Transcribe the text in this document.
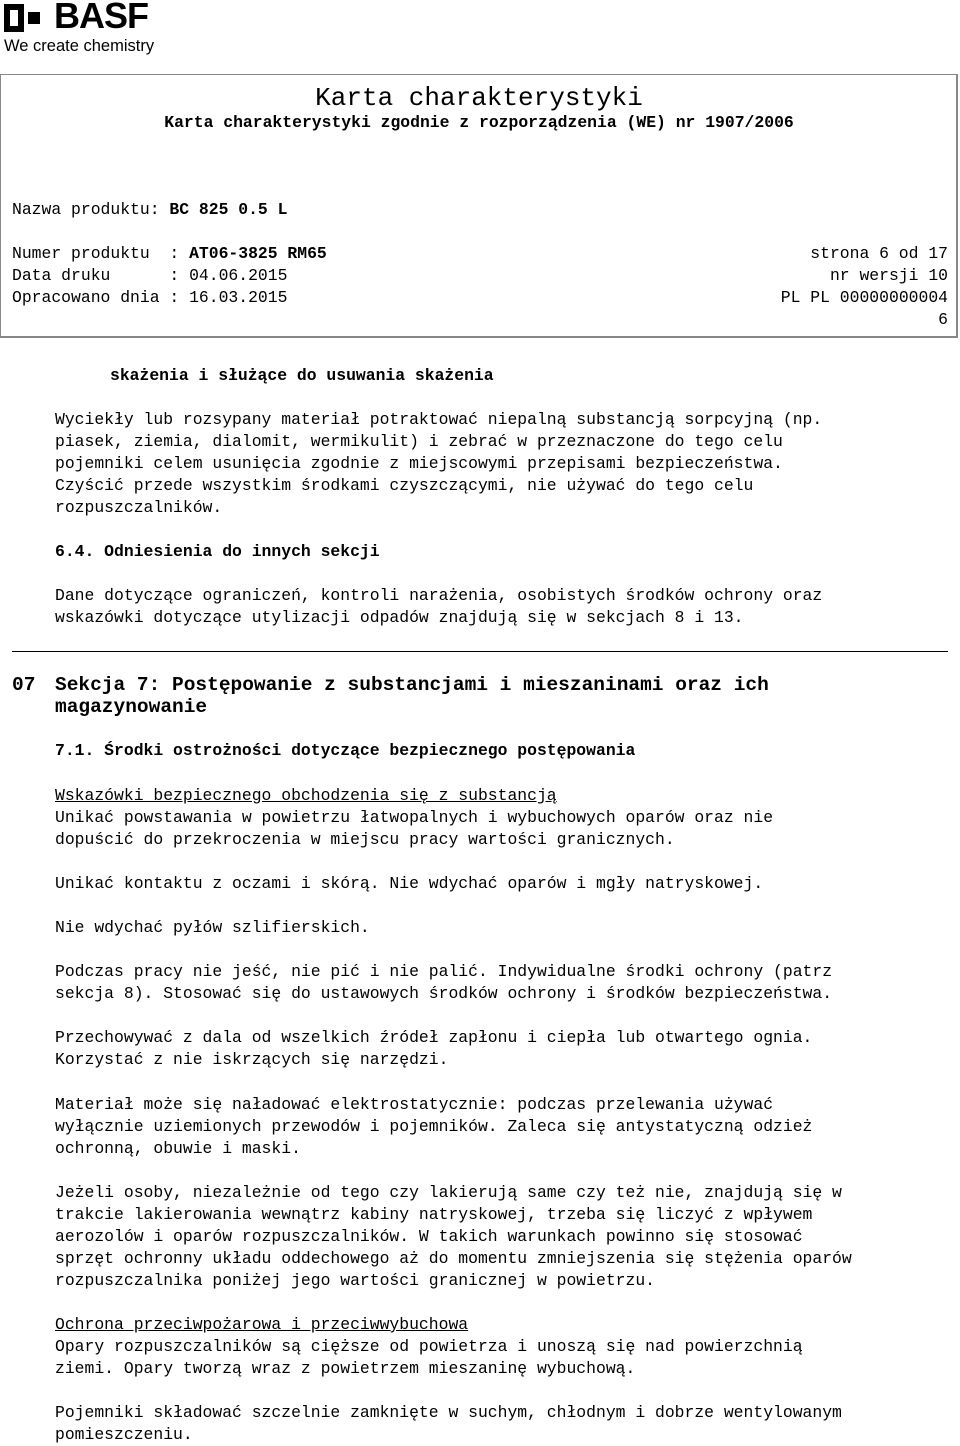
BASF
We create chemistry
Karta charakterystyki
Karta charakterystyki zgodnie z rozporządzenia (WE) nr 1907/2006
Nazwa produktu: BC 825 0.5 L
Numer produktu  : AT06-3825 RM65
Data druku      : 04.06.2015
Opracowano dnia : 16.03.2015
strona 6 od 17
nr wersji 10
PL PL 00000000004
6
skażenia i służące do usuwania skażenia
Wyciekły lub rozsypany materiał potraktować niepalną substancją sorpcyjną (np.
piasek, ziemia, dialomit, wermikulit) i zebrać w przeznaczone do tego celu
pojemniki celem usunięcia zgodnie z miejscowymi przepisami bezpieczeństwa.
Czyścić przede wszystkim środkami czyszczącymi, nie używać do tego celu
rozpuszczalników.
6.4. Odniesienia do innych sekcji
Dane dotyczące ograniczeń, kontroli narażenia, osobistych środków ochrony oraz
wskazówki dotyczące utylizacji odpadów znajdują się w sekcjach 8 i 13.
07 Sekcja 7: Postępowanie z substancjami i mieszaninami oraz ich
magazynowanie
7.1. Środki ostrożności dotyczące bezpiecznego postępowania
Wskazówki bezpiecznego obchodzenia się z substancją
Unikać powstawania w powietrzu łatwopalnych i wybuchowych oparów oraz nie
dopuścić do przekroczenia w miejscu pracy wartości granicznych.
Unikać kontaktu z oczami i skórą. Nie wdychać oparów i mgły natryskowej.
Nie wdychać pyłów szlifierskich.
Podczas pracy nie jeść, nie pić i nie palić. Indywidualne środki ochrony (patrz
sekcja 8). Stosować się do ustawowych środków ochrony i środków bezpieczeństwa.
Przechowywać z dala od wszelkich źródeł zapłonu i ciepła lub otwartego ognia.
Korzystać z nie iskrzących się narzędzi.
Materiał może się naładować elektrostatycznie: podczas przelewania używać
wyłącznie uziemionych przewodów i pojemników. Zaleca się antystatyczną odzież
ochronną, obuwie i maski.
Jeżeli osoby, niezależnie od tego czy lakierują same czy też nie, znajdują się w
trakcie lakierowania wewnątrz kabiny natryskowej, trzeba się liczyć z wpływem
aerozolów i oparów rozpuszczalników. W takich warunkach powinno się stosować
sprzęt ochronny układu oddechowego aż do momentu zmniejszenia się stężenia oparów
rozpuszczalnika poniżej jego wartości granicznej w powietrzu.
Ochrona przeciwpożarowa i przeciwwybuchowa
Opary rozpuszczalników są cięższe od powietrza i unoszą się nad powierzchnią
ziemi. Opary tworzą wraz z powietrzem mieszaninę wybuchową.
Pojemniki składować szczelnie zamknięte w suchym, chłodnym i dobrze wentylowanym
pomieszczeniu.
